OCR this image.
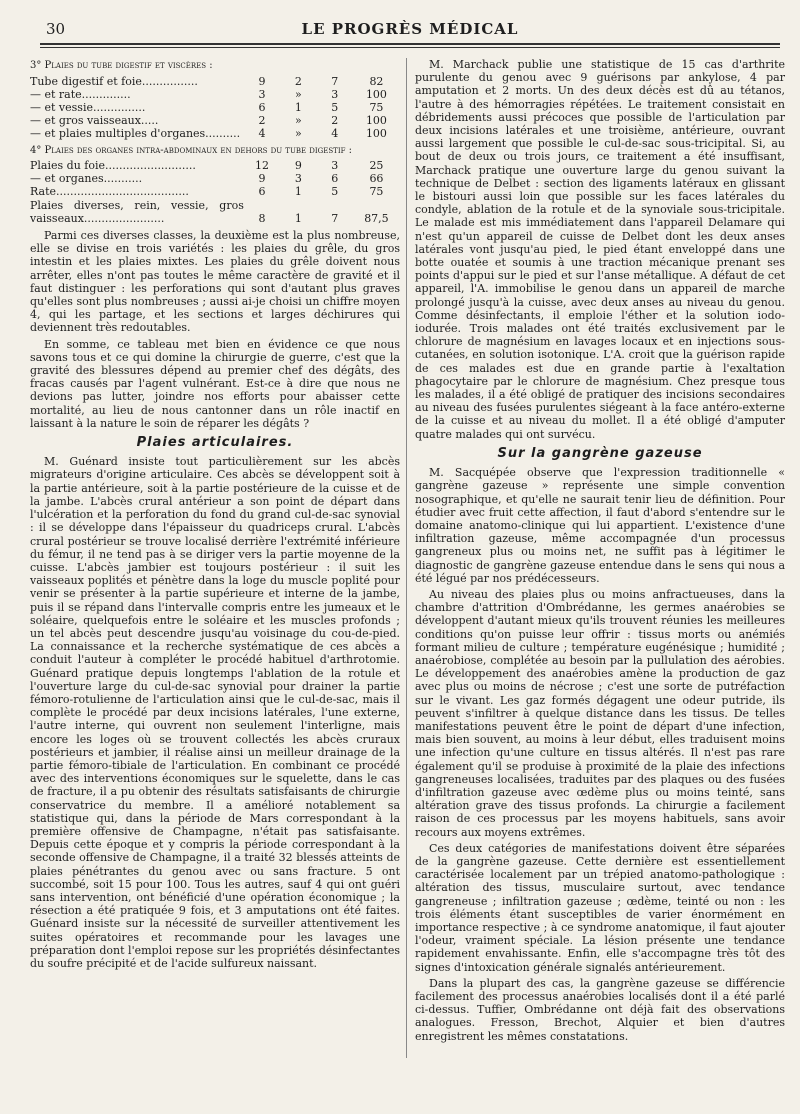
30	LE PROGRÈS MÉDICAL

3° Plaies du tube digestif et viscères :

Tube digestif et foie................	9	2	7	82
— et rate..............	3	»	3	100
— et vessie...............	6	1	5	75
— et gros vaisseaux.....	2	»	2	100
— et plaies multiples d'organes..........	4	»	4	100

4° Plaies des organes intra-abdominaux en dehors du tube digestif :

Plaies du foie..........................	12	9	3	25
— et organes...........	9	3	6	66
Rate......................................	6	1	5	75
Plaies diverses, rein, vessie, gros vaisseaux.......................	8	1	7	87,5

Parmi ces diverses classes, la deuxième est la plus nombreuse, elle se divise en trois variétés : les plaies du grêle, du gros intestin et les plaies mixtes. Les plaies du grêle doivent nous arrêter, elles n'ont pas toutes le même caractère de gravité et il faut distinguer : les perforations qui sont d'autant plus graves qu'elles sont plus nombreuses ; aussi ai-je choisi un chiffre moyen 4, qui les partage, et les sections et larges déchirures qui deviennent très redoutables.

En somme, ce tableau met bien en évidence ce que nous savons tous et ce qui domine la chirurgie de guerre, c'est que la gravité des blessures dépend au premier chef des dégâts, des fracas causés par l'agent vulnérant. Est-ce à dire que nous ne devions pas lutter, joindre nos efforts pour abaisser cette mortalité, au lieu de nous cantonner dans un rôle inactif en laissant à la nature le soin de réparer les dégâts ?

Plaies articulaires.

M. Guénard insiste tout particulièrement sur les abcès migrateurs d'origine articulaire. Ces abcès se développent soit à la partie antérieure, soit à la partie postérieure de la cuisse et de la jambe. L'abcès crural antérieur a son point de départ dans l'ulcération et la perforation du fond du grand cul-de-sac synovial : il se développe dans l'épaisseur du quadriceps crural. L'abcès crural postérieur se trouve localisé derrière l'extrémité inférieure du fémur, il ne tend pas à se diriger vers la partie moyenne de la cuisse. L'abcès jambier est toujours postérieur : il suit les vaisseaux poplités et pénètre dans la loge du muscle poplité pour venir se présenter à la partie supérieure et interne de la jambe, puis il se répand dans l'intervalle compris entre les jumeaux et le soléaire, quelquefois entre le soléaire et les muscles profonds ; un tel abcès peut descendre jusqu'au voisinage du cou-de-pied. La connaissance et la recherche systématique de ces abcès a conduit l'auteur à compléter le procédé habituel d'arthrotomie. Guénard pratique depuis longtemps l'ablation de la rotule et l'ouverture large du cul-de-sac synovial pour drainer la partie fémoro-rotulienne de l'articulation ainsi que le cul-de-sac, mais il complète le procédé par deux incisions latérales, l'une externe, l'autre interne, qui ouvrent non seulement l'interligne, mais encore les loges où se trouvent collectés les abcès cruraux postérieurs et jambier, il réalise ainsi un meilleur drainage de la partie fémoro-tibiale de l'articulation. En combinant ce procédé avec des interventions économiques sur le squelette, dans le cas de fracture, il a pu obtenir des résultats satisfaisants de chirurgie conservatrice du membre. Il a amélioré notablement sa statistique qui, dans la période de Mars correspondant à la première offensive de Champagne, n'était pas satisfaisante. Depuis cette époque et y compris la période correspondant à la seconde offensive de Champagne, il a traité 32 blessés atteints de plaies pénétrantes du genou avec ou sans fracture. 5 ont succombé, soit 15 pour 100. Tous les autres, sauf 4 qui ont guéri sans intervention, ont bénéficié d'une opération économique ; la résection a été pratiquée 9 fois, et 3 amputations ont été faites. Guénard insiste sur la nécessité de surveiller attentivement les suites opératoires et recommande pour les lavages une préparation dont l'emploi repose sur les propriétés désinfectantes du soufre précipité et de l'acide sulfureux naissant.

M. Marchack publie une statistique de 15 cas d'arthrite purulente du genou avec 9 guérisons par ankylose, 4 par amputation et 2 morts. Un des deux décès est dû au tétanos, l'autre à des hémorragies répétées. Le traitement consistait en débridements aussi précoces que possible de l'articulation par deux incisions latérales et une troisième, antérieure, ouvrant aussi largement que possible le cul-de-sac sous-tricipital. Si, au bout de deux ou trois jours, ce traitement a été insuffisant, Marchack pratique une ouverture large du genou suivant la technique de Delbet : section des ligaments latéraux en glissant le bistouri aussi loin que possible sur les faces latérales du condyle, ablation de la rotule et de la synoviale sous-tricipitale. Le malade est mis immédiatement dans l'appareil Delamare qui n'est qu'un appareil de cuisse de Delbet dont les deux anses latérales vont jusqu'au pied, le pied étant enveloppé dans une botte ouatée et soumis à une traction mécanique prenant ses points d'appui sur le pied et sur l'anse métallique. A défaut de cet appareil, l'A. immobilise le genou dans un appareil de marche prolongé jusqu'à la cuisse, avec deux anses au niveau du genou. Comme désinfectants, il emploie l'éther et la solution iodo-iodurée. Trois malades ont été traités exclusivement par le chlorure de magnésium en lavages locaux et en injections sous-cutanées, en solution isotonique. L'A. croit que la guérison rapide de ces malades est due en grande partie à l'exaltation phagocytaire par le chlorure de magnésium. Chez presque tous les malades, il a été obligé de pratiquer des incisions secondaires au niveau des fusées purulentes siégeant à la face antéro-externe de la cuisse et au niveau du mollet. Il a été obligé d'amputer quatre malades qui ont survécu.

Sur la gangrène gazeuse

M. Sacquépée observe que l'expression traditionnelle « gangrène gazeuse » représente une simple convention nosographique, et qu'elle ne saurait tenir lieu de définition. Pour étudier avec fruit cette affection, il faut d'abord s'entendre sur le domaine anatomo-clinique qui lui appartient. L'existence d'une infiltration gazeuse, même accompagnée d'un processus gangreneux plus ou moins net, ne suffit pas à légitimer le diagnostic de gangrène gazeuse entendue dans le sens qui nous a été légué par nos prédécesseurs.

Au niveau des plaies plus ou moins anfractueuses, dans la chambre d'attrition d'Ombrédanne, les germes anaérobies se développent d'autant mieux qu'ils trouvent réunies les meilleures conditions qu'on puisse leur offrir : tissus morts ou anémiés formant milieu de culture ; température eugénésique ; humidité ; anaérobiose, complétée au besoin par la pullulation des aérobies. Le développement des anaérobies amène la production de gaz avec plus ou moins de nécrose ; c'est une sorte de putréfaction sur le vivant. Les gaz formés dégagent une odeur putride, ils peuvent s'infiltrer à quelque distance dans les tissus. De telles manifestations peuvent être le point de départ d'une infection, mais bien souvent, au moins à leur début, elles traduisent moins une infection qu'une culture en tissus altérés. Il n'est pas rare également qu'il se produise à proximité de la plaie des infections gangreneuses localisées, traduites par des plaques ou des fusées d'infiltration gazeuse avec œdème plus ou moins teinté, sans altération grave des tissus profonds. La chirurgie a facilement raison de ces processus par les moyens habituels, sans avoir recours aux moyens extrêmes.

Ces deux catégories de manifestations doivent être séparées de la gangrène gazeuse. Cette dernière est essentiellement caractérisée localement par un trépied anatomo-pathologique : altération des tissus, musculaire surtout, avec tendance gangreneuse ; infiltration gazeuse ; œdème, teinté ou non : les trois éléments étant susceptibles de varier énormément en importance respective ; à ce syndrome anatomique, il faut ajouter l'odeur, vraiment spéciale. La lésion présente une tendance rapidement envahissante. Enfin, elle s'accompagne très tôt des signes d'intoxication générale signalés antérieurement.

Dans la plupart des cas, la gangrène gazeuse se différencie facilement des processus anaérobies localisés dont il a été parlé ci-dessus. Tuffier, Ombrédanne ont déjà fait des observations analogues. Fresson, Brechot, Alquier et bien d'autres enregistrent les mêmes constatations.
